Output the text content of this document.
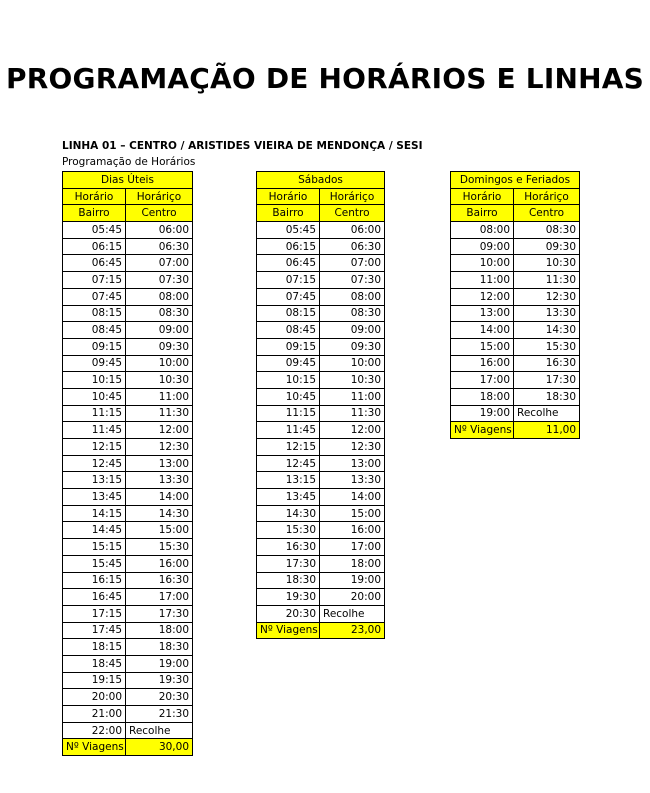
PROGRAMAÇÃO DE HORÁRIOS E LINHAS
LINHA 01 – CENTRO / ARISTIDES VIEIRA DE MENDONÇA / SESI
Programação de Horários
Dias Úteis	
Horário	Horáriço
Bairro	Centro
05:45	06:00
06:15	06:30
06:45	07:00
07:15	07:30
07:45	08:00
08:15	08:30
08:45	09:00
09:15	09:30
09:45	10:00
10:15	10:30
10:45	11:00
11:15	11:30
11:45	12:00
12:15	12:30
12:45	13:00
13:15	13:30
13:45	14:00
14:15	14:30
14:45	15:00
15:15	15:30
15:45	16:00
16:15	16:30
16:45	17:00
17:15	17:30
17:45	18:00
18:15	18:30
18:45	19:00
19:15	19:30
20:00	20:30
21:00	21:30
22:00	Recolhe
Nº Viagens	30,00
Sábados	
Horário	Horáriço
Bairro	Centro
05:45	06:00
06:15	06:30
06:45	07:00
07:15	07:30
07:45	08:00
08:15	08:30
08:45	09:00
09:15	09:30
09:45	10:00
10:15	10:30
10:45	11:00
11:15	11:30
11:45	12:00
12:15	12:30
12:45	13:00
13:15	13:30
13:45	14:00
14:30	15:00
15:30	16:00
16:30	17:00
17:30	18:00
18:30	19:00
19:30	20:00
20:30	Recolhe
Nº Viagens	23,00
Domingos e Feriados	
Horário	Horáriço
Bairro	Centro
08:00	08:30
09:00	09:30
10:00	10:30
11:00	11:30
12:00	12:30
13:00	13:30
14:00	14:30
15:00	15:30
16:00	16:30
17:00	17:30
18:00	18:30
19:00	Recolhe
Nº Viagens	11,00
